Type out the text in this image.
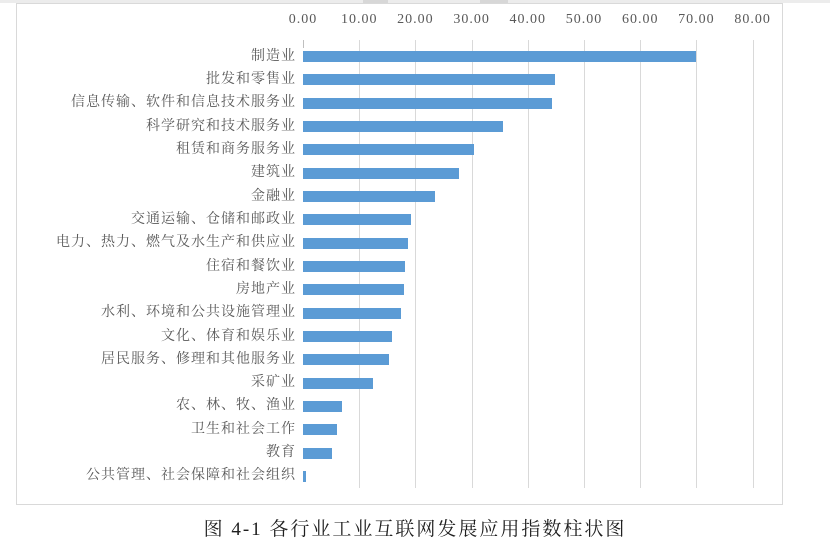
0.00	10.00	20.00	30.00	40.00	50.00	60.00	70.00	80.00
制造业
批发和零售业
信息传输、软件和信息技术服务业
科学研究和技术服务业
租赁和商务服务业
建筑业
金融业
交通运输、仓储和邮政业
电力、热力、燃气及水生产和供应业
住宿和餐饮业
房地产业
水利、环境和公共设施管理业
文化、体育和娱乐业
居民服务、修理和其他服务业
采矿业
农、林、牧、渔业
卫生和社会工作
教育
公共管理、社会保障和社会组织
图 4-1 各行业工业互联网发展应用指数柱状图
